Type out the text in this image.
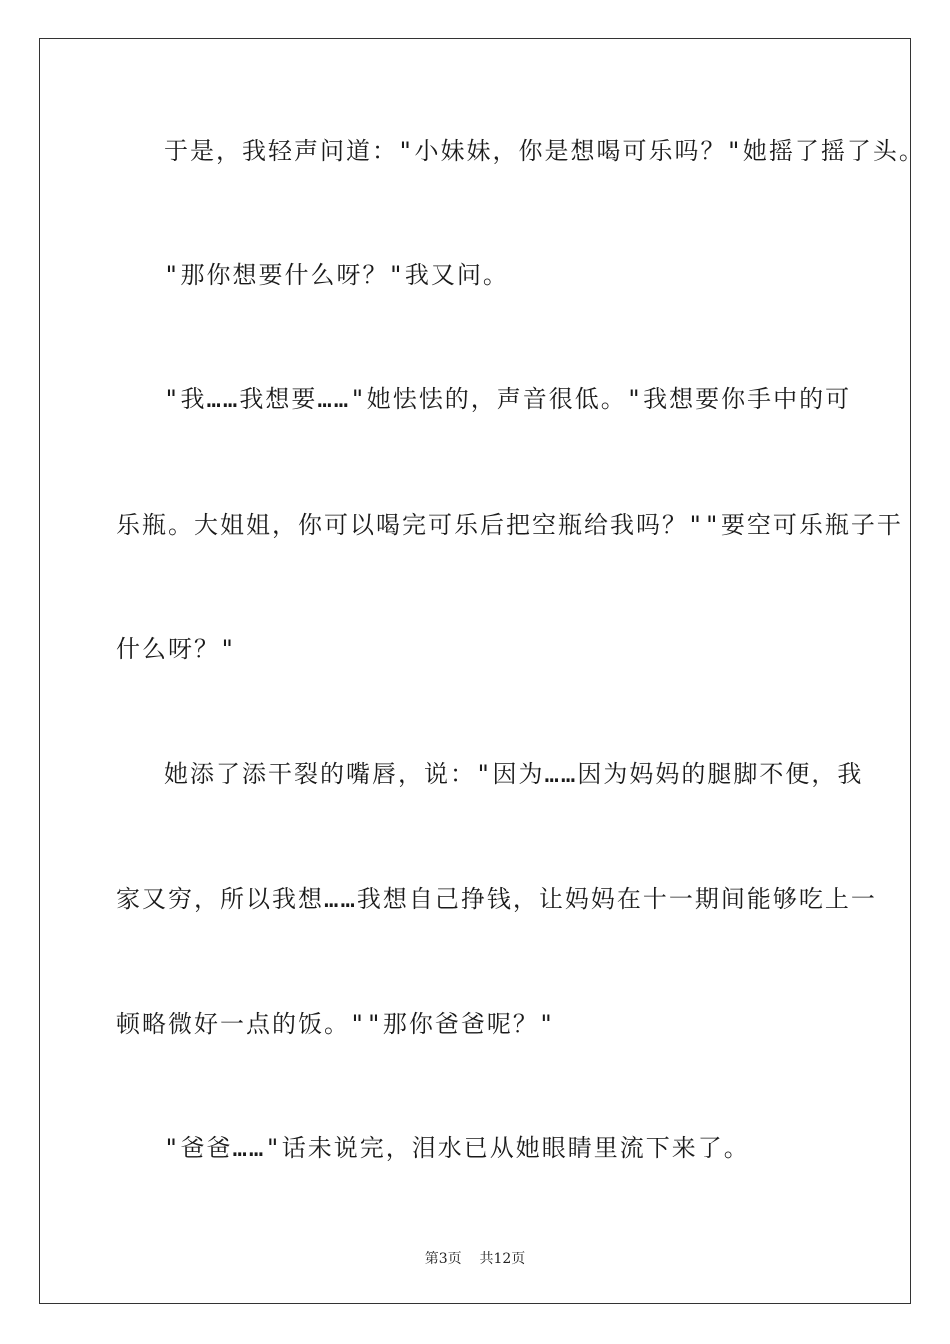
于是，我轻声问道："小妹妹，你是想喝可乐吗？"她摇了摇了头。
"那你想要什么呀？"我又问。
"我……我想要……"她怯怯的，声音很低。"我想要你手中的可
乐瓶。大姐姐，你可以喝完可乐后把空瓶给我吗？""要空可乐瓶子干
什么呀？"
她添了添干裂的嘴唇，说："因为……因为妈妈的腿脚不便，我
家又穷，所以我想……我想自己挣钱，让妈妈在十一期间能够吃上一
顿略微好一点的饭。""那你爸爸呢？"
"爸爸……"话未说完，泪水已从她眼睛里流下来了。
第3页 共12页
